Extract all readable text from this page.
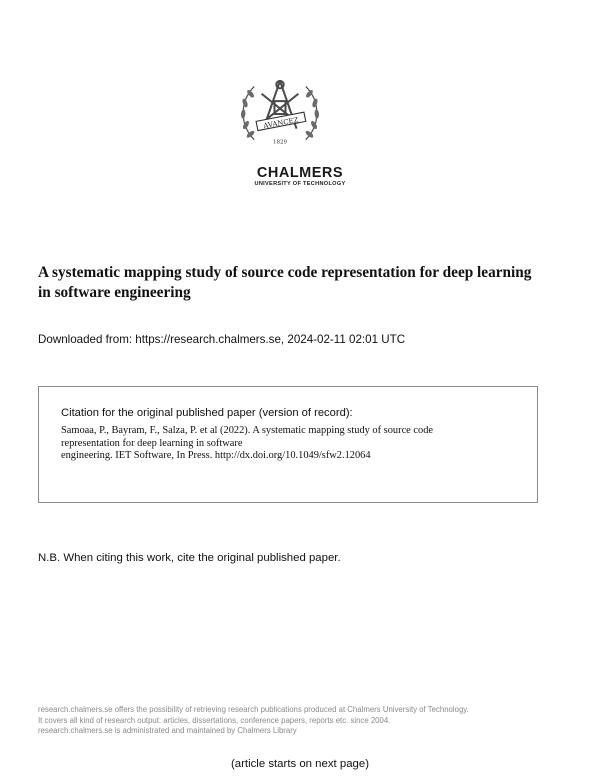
AVANCEZ
1829
CHALMERS
UNIVERSITY OF TECHNOLOGY
A systematic mapping study of source code representation for deep learning
in software engineering
Downloaded from: https://research.chalmers.se, 2024-02-11 02:01 UTC
Citation for the original published paper (version of record):
Samoaa, P., Bayram, F., Salza, P. et al (2022). A systematic mapping study of source code
representation for deep learning in software
engineering. IET Software, In Press. http://dx.doi.org/10.1049/sfw2.12064
N.B. When citing this work, cite the original published paper.
research.chalmers.se offers the possibility of retrieving research publications produced at Chalmers University of Technology.
It covers all kind of research output: articles, dissertations, conference papers, reports etc. since 2004.
research.chalmers.se is administrated and maintained by Chalmers Library
(article starts on next page)
